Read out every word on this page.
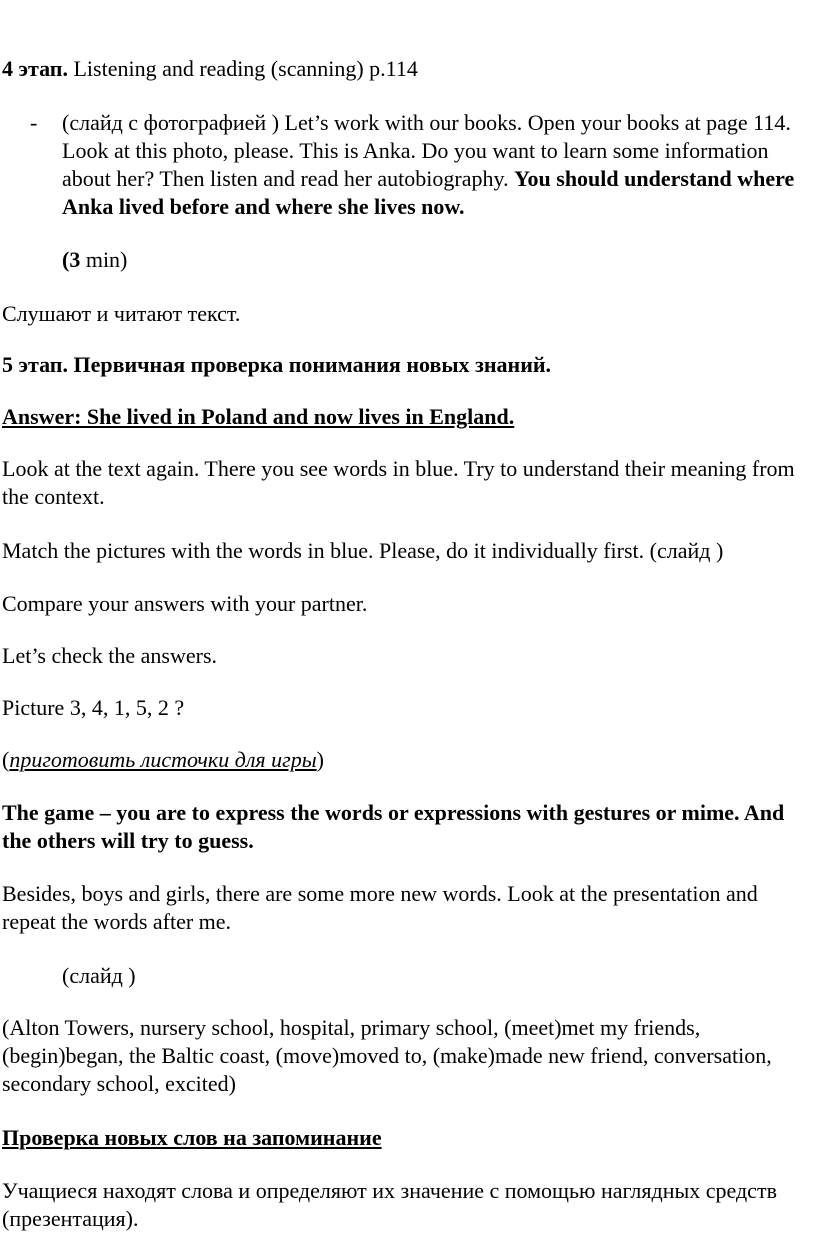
4 этап. Listening and reading (scanning) p.114

- (слайд с фотографией ) Let’s work with our books. Open your books at page 114. Look at this photo, please. This is Anka. Do you want to learn some information about her? Then listen and read her autobiography. You should understand where Anka lived before and where she lives now.

(3 min)

Слушают и читают текст.

5 этап. Первичная проверка понимания новых знаний.

Answer: She lived in Poland and now lives in England.

Look at the text again. There you see words in blue. Try to understand their meaning from the context.

Match the pictures with the words in blue. Please, do it individually first. (слайд )

Compare your answers with your partner.

Let’s check the answers.

Picture 3, 4, 1, 5, 2 ?

(приготовить листочки для игры)

The game – you are to express the words or expressions with gestures or mime. And the others will try to guess.

Besides, boys and girls, there are some more new words. Look at the presentation and repeat the words after me.

(слайд )

(Alton Towers, nursery school, hospital, primary school, (meet)met my friends, (begin)began, the Baltic coast, (move)moved to, (make)made new friend, conversation, secondary school, excited)

Проверка новых слов на запоминание

Учащиеся находят слова и определяют их значение с помощью наглядных средств (презентация).
